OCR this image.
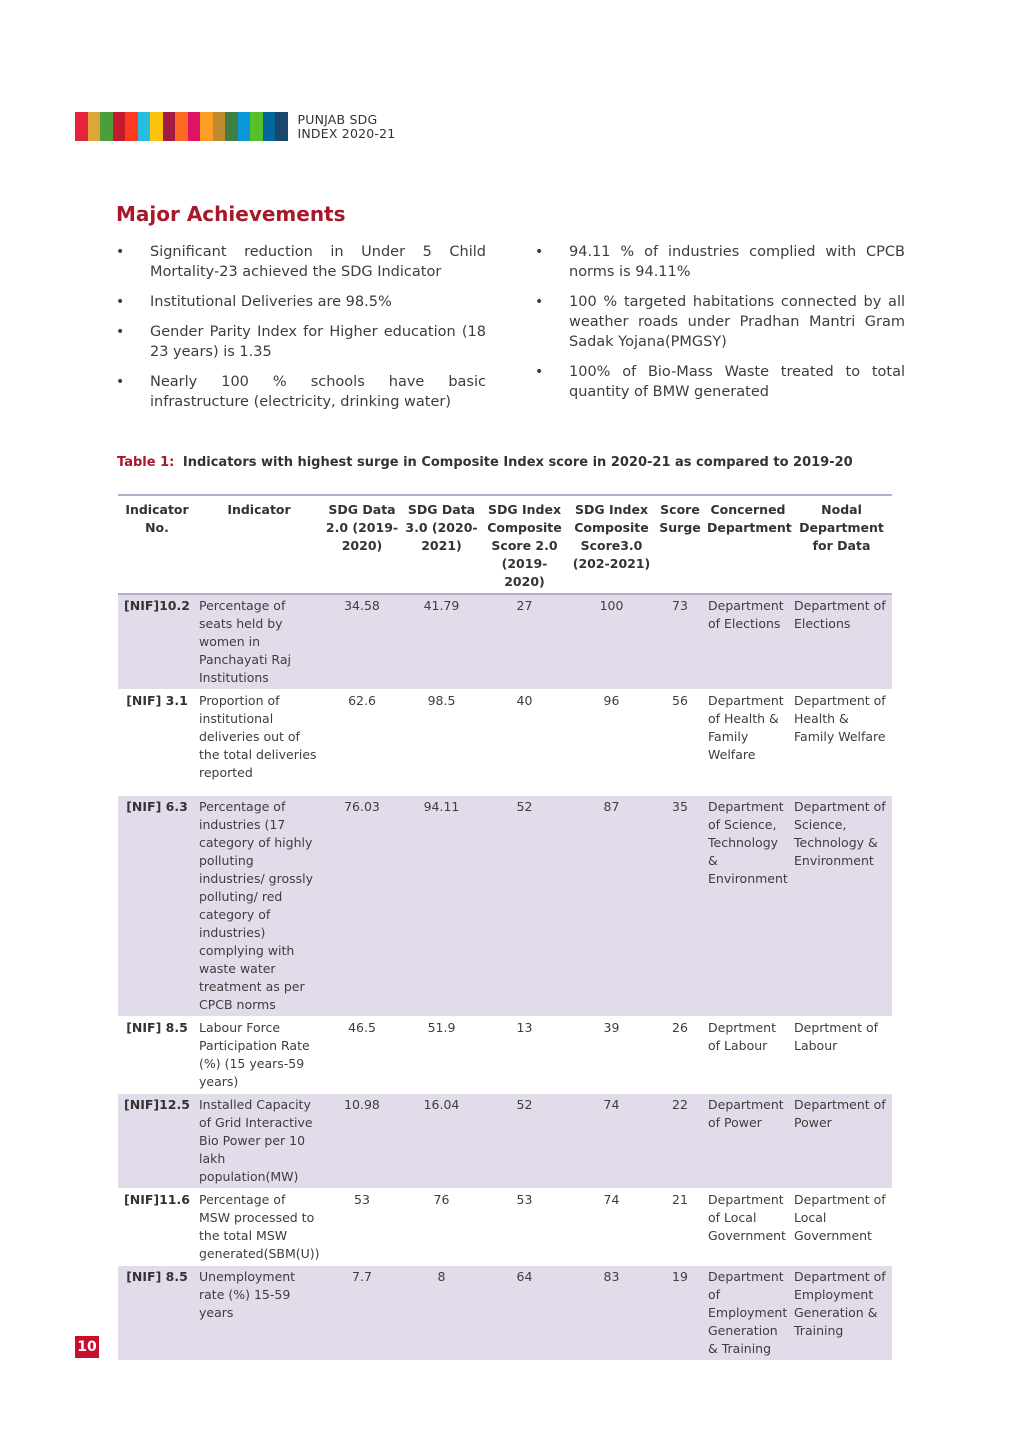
PUNJAB SDG
INDEX 2020-21
Major Achievements
•	Significant reduction in Under 5 Child Mortality-23 achieved the SDG Indicator
•	Institutional Deliveries are 98.5%
•	Gender Parity Index for Higher education (18 23 years) is 1.35
•	Nearly 100 % schools have basic infrastructure (electricity, drinking water)
•	94.11 % of industries complied with CPCB norms is 94.11%
•	100 % targeted habitations connected by all weather roads under Pradhan Mantri Gram Sadak Yojana(PMGSY)
•	100% of Bio-Mass Waste treated to total quantity of BMW generated
Table 1: Indicators with highest surge in Composite Index score in 2020-21 as compared to 2019-20
Indicator No.	Indicator	SDG Data 2.0 (2019-2020)	SDG Data 3.0 (2020-2021)	SDG Index Composite Score 2.0 (2019-2020)	SDG Index Composite Score3.0 (202-2021)	Score Surge	Concerned Department	Nodal Department for Data
[NIF]10.2	Percentage of seats held by women in Panchayati Raj Institutions	34.58	41.79	27	100	73	Department of Elections	Department of Elections
[NIF] 3.1	Proportion of institutional deliveries out of the total deliveries reported	62.6	98.5	40	96	56	Department of Health & Family Welfare	Department of Health & Family Welfare

[NIF] 6.3	Percentage of industries (17 category of highly polluting industries/ grossly polluting/ red category of industries) complying with waste water treatment as per CPCB norms	76.03	94.11	52	87	35	Department of Science, Technology & Environment	Department of Science, Technology & Environment
[NIF] 8.5	Labour Force Participation Rate (%) (15 years-59 years)	46.5	51.9	13	39	26	Deprtment of Labour	Deprtment of Labour
[NIF]12.5	Installed Capacity of Grid Interactive Bio Power per 10 lakh population(MW)	10.98	16.04	52	74	22	Department of Power	Department of Power
[NIF]11.6	Percentage of MSW processed to the total MSW generated(SBM(U))	53	76	53	74	21	Department of Local Government	Department of Local Government
[NIF] 8.5	Unemployment rate (%) 15-59 years	7.7	8	64	83	19	Department of Employment Generation & Training	Department of Employment Generation & Training
10
